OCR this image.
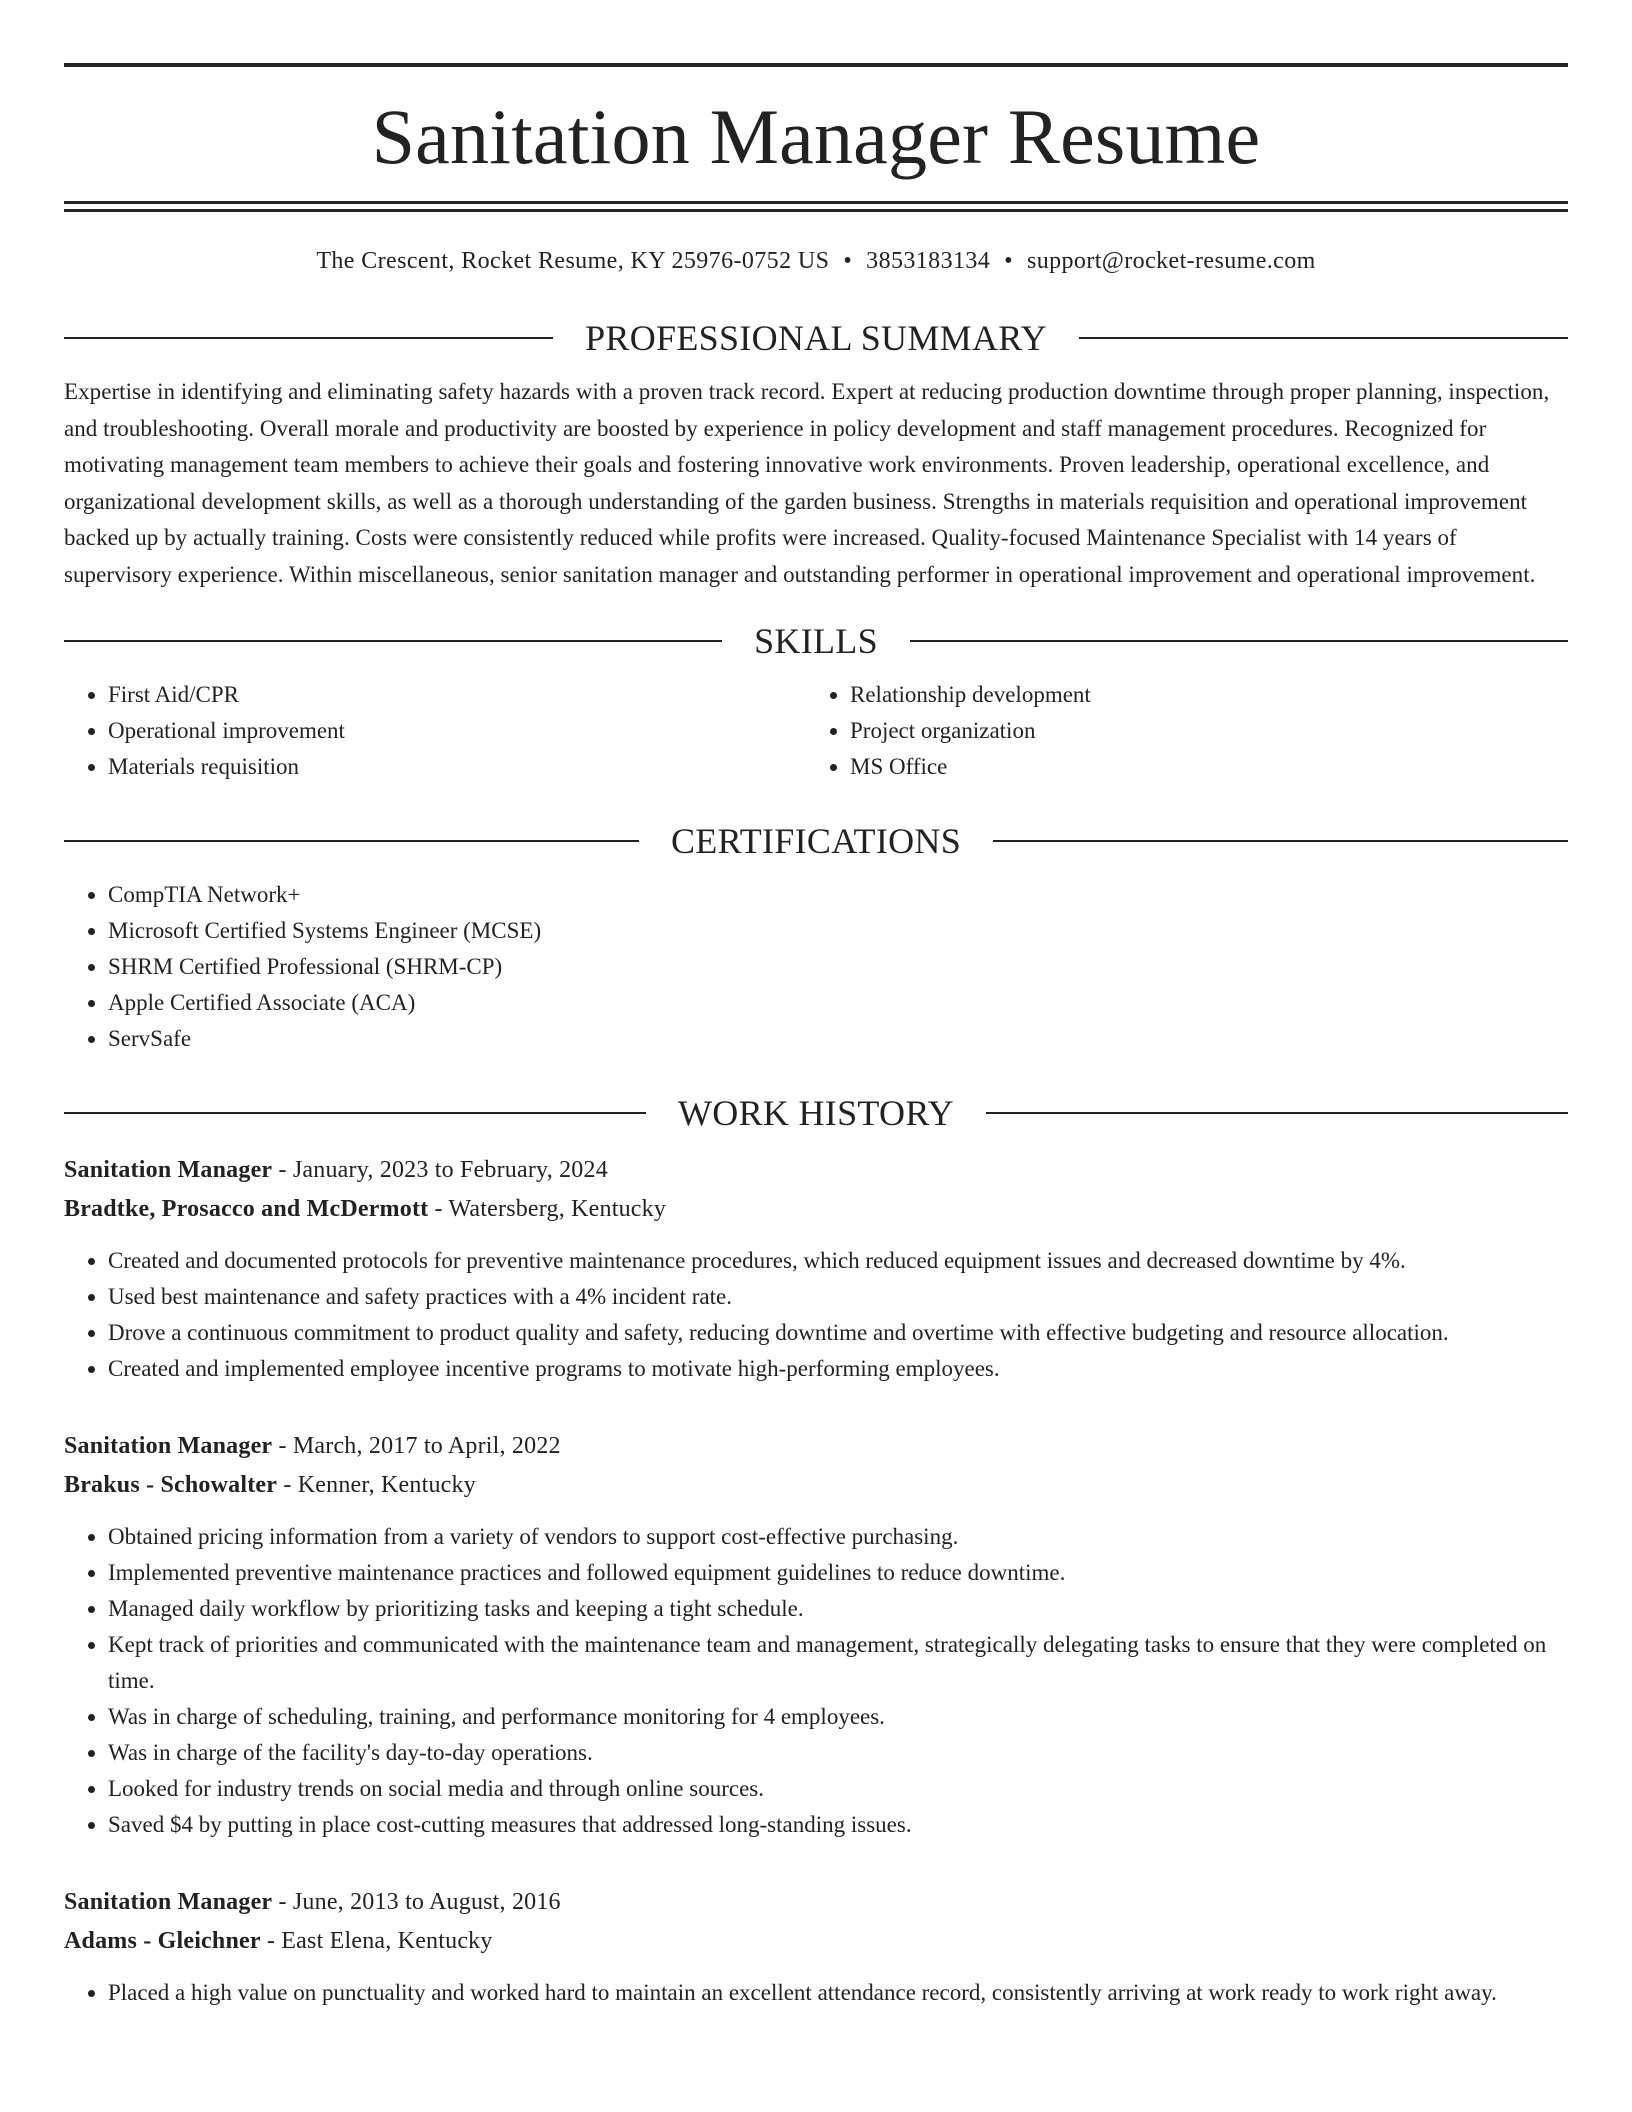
Sanitation Manager Resume
The Crescent, Rocket Resume, KY 25976-0752 US • 3853183134 • support@rocket-resume.com
PROFESSIONAL SUMMARY

Expertise in identifying and eliminating safety hazards with a proven track record. Expert at reducing production downtime through proper planning, inspection, and troubleshooting. Overall morale and productivity are boosted by experience in policy development and staff management procedures. Recognized for motivating management team members to achieve their goals and fostering innovative work environments. Proven leadership, operational excellence, and organizational development skills, as well as a thorough understanding of the garden business. Strengths in materials requisition and operational improvement backed up by actually training. Costs were consistently reduced while profits were increased. Quality-focused Maintenance Specialist with 14 years of supervisory experience. Within miscellaneous, senior sanitation manager and outstanding performer in operational improvement and operational improvement.

SKILLS
• First Aid/CPR
• Operational improvement
• Materials requisition
• Relationship development
• Project organization
• MS Office
CERTIFICATIONS
• CompTIA Network+
• Microsoft Certified Systems Engineer (MCSE)
• SHRM Certified Professional (SHRM-CP)
• Apple Certified Associate (ACA)
• ServSafe
WORK HISTORY
Sanitation Manager - January, 2023 to February, 2024
Bradtke, Prosacco and McDermott - Watersberg, Kentucky
• Created and documented protocols for preventive maintenance procedures, which reduced equipment issues and decreased downtime by 4%.
• Used best maintenance and safety practices with a 4% incident rate.
• Drove a continuous commitment to product quality and safety, reducing downtime and overtime with effective budgeting and resource allocation.
• Created and implemented employee incentive programs to motivate high-performing employees.
Sanitation Manager - March, 2017 to April, 2022
Brakus - Schowalter - Kenner, Kentucky
• Obtained pricing information from a variety of vendors to support cost-effective purchasing.
• Implemented preventive maintenance practices and followed equipment guidelines to reduce downtime.
• Managed daily workflow by prioritizing tasks and keeping a tight schedule.
• Kept track of priorities and communicated with the maintenance team and management, strategically delegating tasks to ensure that they were completed on time.
• Was in charge of scheduling, training, and performance monitoring for 4 employees.
• Was in charge of the facility's day-to-day operations.
• Looked for industry trends on social media and through online sources.
• Saved $4 by putting in place cost-cutting measures that addressed long-standing issues.
Sanitation Manager - June, 2013 to August, 2016
Adams - Gleichner - East Elena, Kentucky
• Placed a high value on punctuality and worked hard to maintain an excellent attendance record, consistently arriving at work ready to work right away.
